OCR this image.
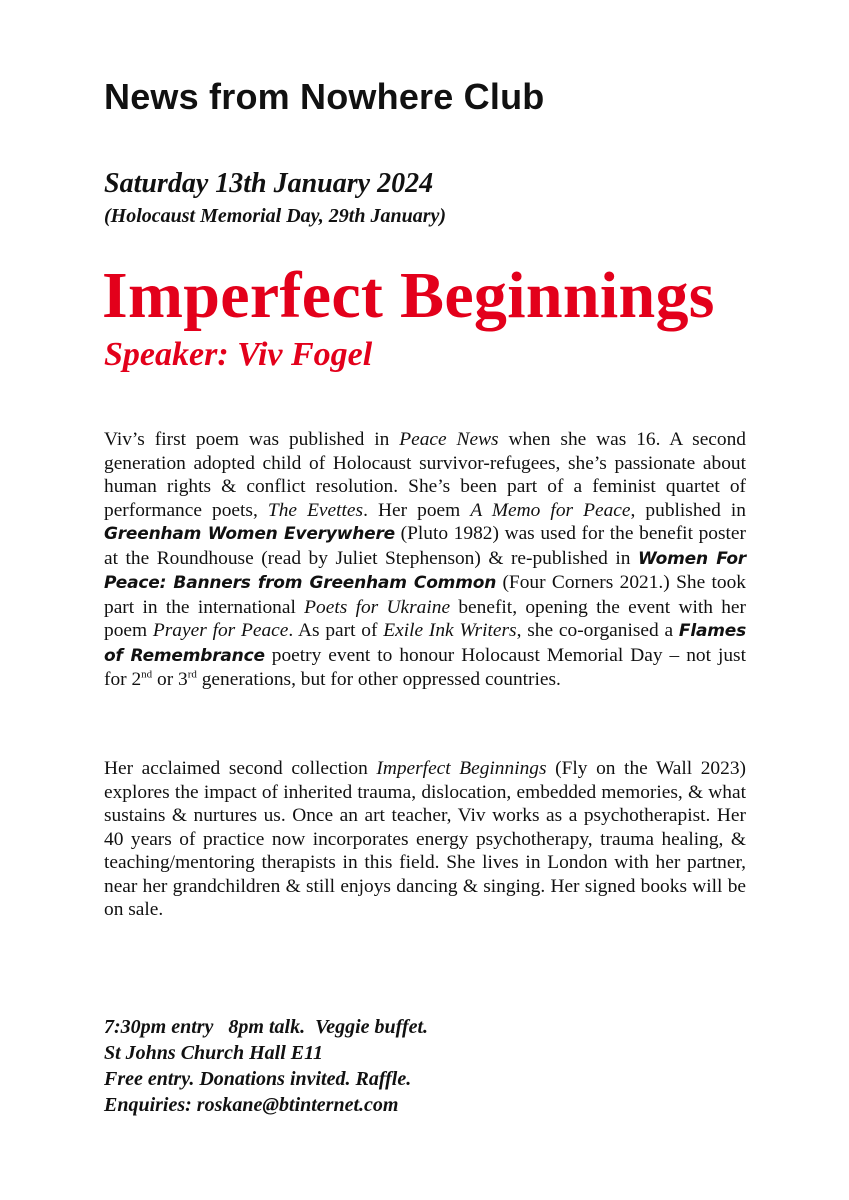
News from Nowhere Club

Saturday 13th January 2024

(Holocaust Memorial Day, 29th January)

Imperfect Beginnings

Speaker: Viv Fogel

Viv’s first poem was published in Peace News when she was 16. A second generation adopted child of Holocaust survivor-refugees, she’s passionate about human rights & conflict resolution. She’s been part of a feminist quartet of performance poets, The Evettes. Her poem A Memo for Peace, published in Greenham Women Everywhere (Pluto 1982) was used for the benefit poster at the Roundhouse (read by Juliet Stephenson) & re-published in Women For Peace: Banners from Greenham Common (Four Corners 2021.) She took part in the international Poets for Ukraine benefit, opening the event with her poem Prayer for Peace. As part of Exile Ink Writers, she co-organised a Flames of Remembrance poetry event to honour Holocaust Memorial Day – not just for 2nd or 3rd generations, but for other oppressed countries.

Her acclaimed second collection Imperfect Beginnings (Fly on the Wall 2023) explores the impact of inherited trauma, dislocation, embedded memories, & what sustains & nurtures us. Once an art teacher, Viv works as a psychotherapist. Her 40 years of practice now incorporates energy psychotherapy, trauma healing, & teaching/mentoring therapists in this field. She lives in London with her partner, near her grandchildren & still enjoys dancing & singing. Her signed books will be on sale.

7:30pm entry   8pm talk.  Veggie buffet.
St Johns Church Hall E11
Free entry. Donations invited. Raffle.
Enquiries: roskane@btinternet.com
